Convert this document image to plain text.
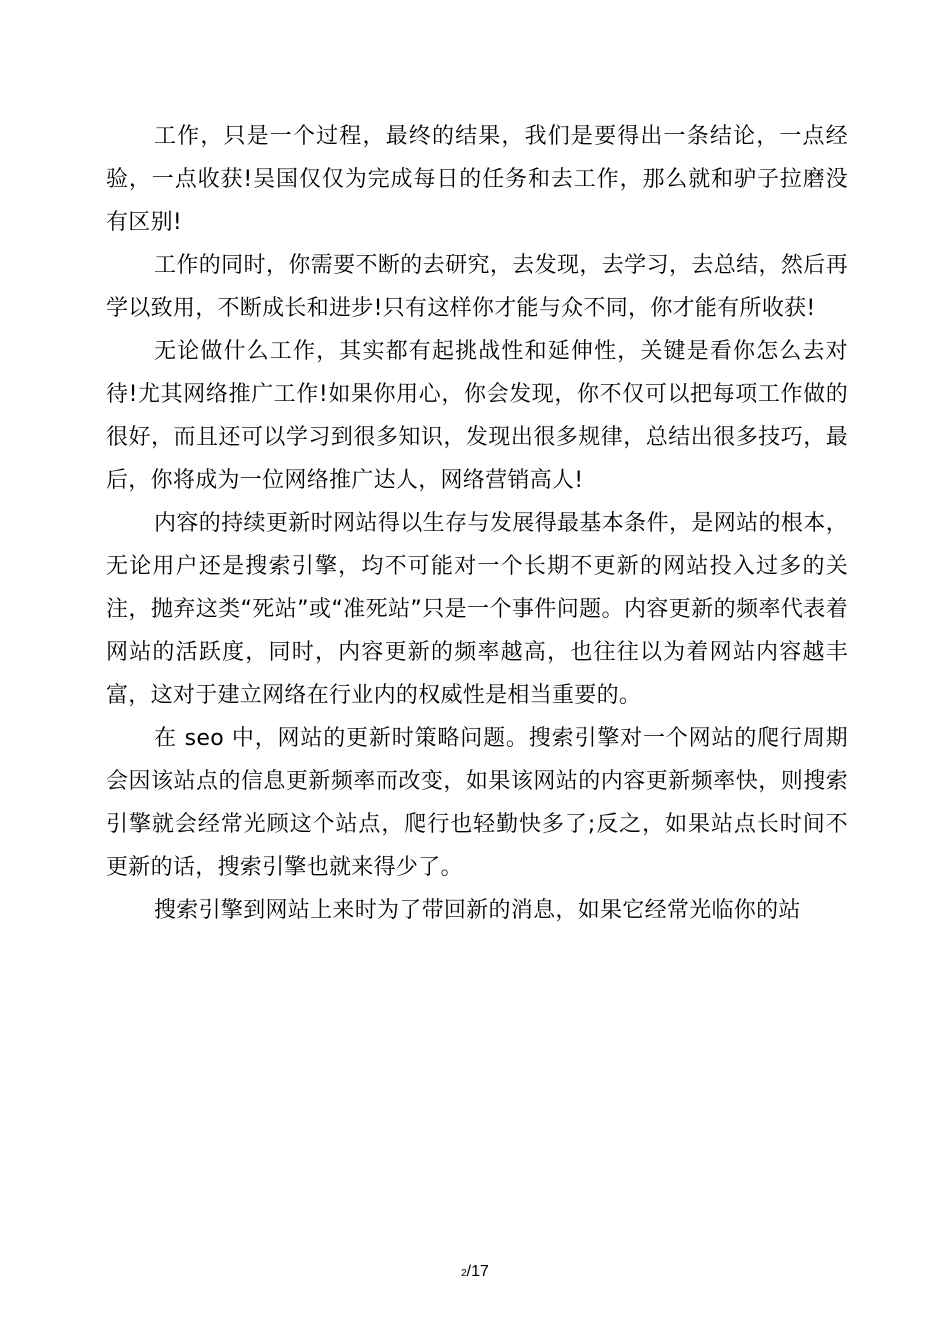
工作，只是一个过程，最终的结果，我们是要得出一条结论，一点经验，一点收获!吴国仅仅为完成每日的任务和去工作，那么就和驴子拉磨没有区别!

工作的同时，你需要不断的去研究，去发现，去学习，去总结，然后再学以致用，不断成长和进步!只有这样你才能与众不同，你才能有所收获!

无论做什么工作，其实都有起挑战性和延伸性，关键是看你怎么去对待!尤其网络推广工作!如果你用心，你会发现，你不仅可以把每项工作做的很好，而且还可以学习到很多知识，发现出很多规律，总结出很多技巧，最后，你将成为一位网络推广达人，网络营销高人!

内容的持续更新时网站得以生存与发展得最基本条件，是网站的根本，无论用户还是搜索引擎，均不可能对一个长期不更新的网站投入过多的关注，抛弃这类“死站”或“准死站”只是一个事件问题。内容更新的频率代表着网站的活跃度，同时，内容更新的频率越高，也往往以为着网站内容越丰富，这对于建立网络在行业内的权威性是相当重要的。

在 seo 中，网站的更新时策略问题。搜索引擎对一个网站的爬行周期会因该站点的信息更新频率而改变，如果该网站的内容更新频率快，则搜索引擎就会经常光顾这个站点，爬行也轻勤快多了;反之，如果站点长时间不更新的话，搜索引擎也就来得少了。

搜索引擎到网站上来时为了带回新的消息，如果它经常光临你的站

2/17
